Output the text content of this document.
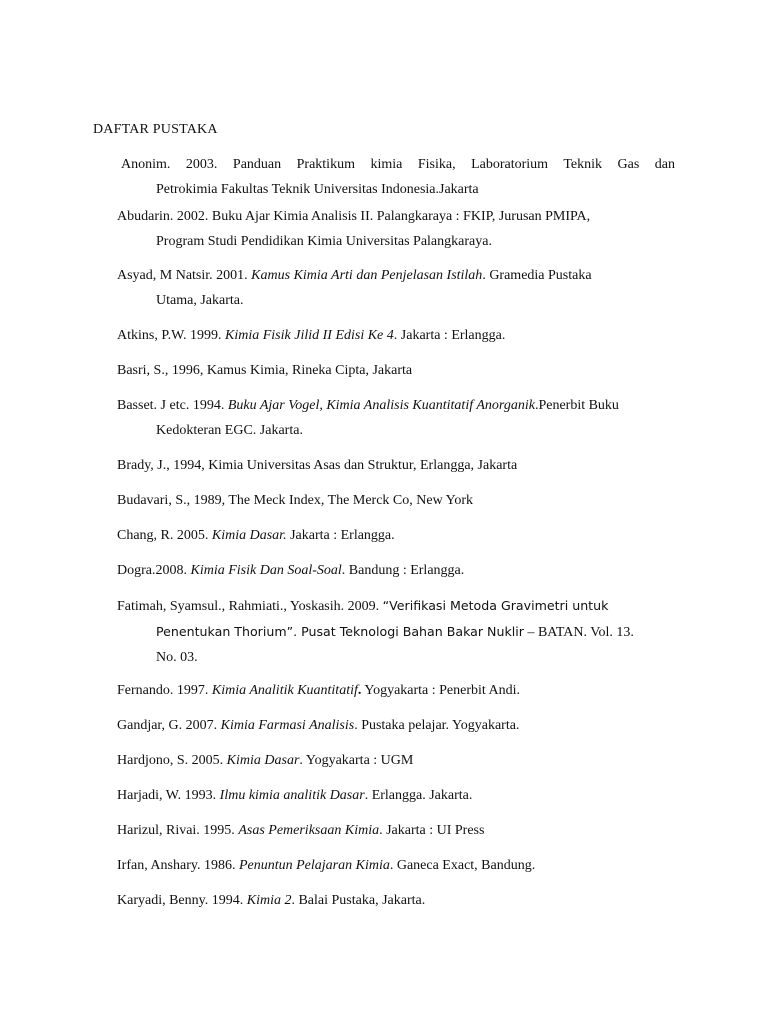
DAFTAR PUSTAKA
Anonim. 2003. Panduan Praktikum kimia Fisika, Laboratorium Teknik Gas dan
Petrokimia Fakultas Teknik Universitas Indonesia.Jakarta
Abudarin. 2002. Buku Ajar Kimia Analisis II. Palangkaraya : FKIP, Jurusan PMIPA,
Program Studi Pendidikan Kimia Universitas Palangkaraya.
Asyad, M Natsir. 2001. Kamus Kimia Arti dan Penjelasan Istilah. Gramedia Pustaka
Utama, Jakarta.
Atkins, P.W. 1999. Kimia Fisik Jilid II Edisi Ke 4. Jakarta : Erlangga.
Basri, S., 1996, Kamus Kimia, Rineka Cipta, Jakarta
Basset. J etc. 1994. Buku Ajar Vogel, Kimia Analisis Kuantitatif Anorganik.Penerbit Buku
Kedokteran EGC. Jakarta.
Brady, J., 1994, Kimia Universitas Asas dan Struktur, Erlangga, Jakarta
Budavari, S., 1989, The Meck Index, The Merck Co, New York
Chang, R. 2005. Kimia Dasar. Jakarta : Erlangga.
Dogra.2008. Kimia Fisik Dan Soal-Soal. Bandung : Erlangga.
Fatimah, Syamsul., Rahmiati., Yoskasih. 2009. “Verifikasi Metoda Gravimetri untuk
Penentukan Thorium”. Pusat Teknologi Bahan Bakar Nuklir – BATAN. Vol. 13.
No. 03.
Fernando. 1997. Kimia Analitik Kuantitatif. Yogyakarta : Penerbit Andi.
Gandjar, G. 2007. Kimia Farmasi Analisis. Pustaka pelajar. Yogyakarta.
Hardjono, S. 2005. Kimia Dasar. Yogyakarta : UGM
Harjadi, W. 1993. Ilmu kimia analitik Dasar. Erlangga. Jakarta.
Harizul, Rivai. 1995. Asas Pemeriksaan Kimia. Jakarta : UI Press
Irfan, Anshary. 1986. Penuntun Pelajaran Kimia. Ganeca Exact, Bandung.
Karyadi, Benny. 1994. Kimia 2. Balai Pustaka, Jakarta.
